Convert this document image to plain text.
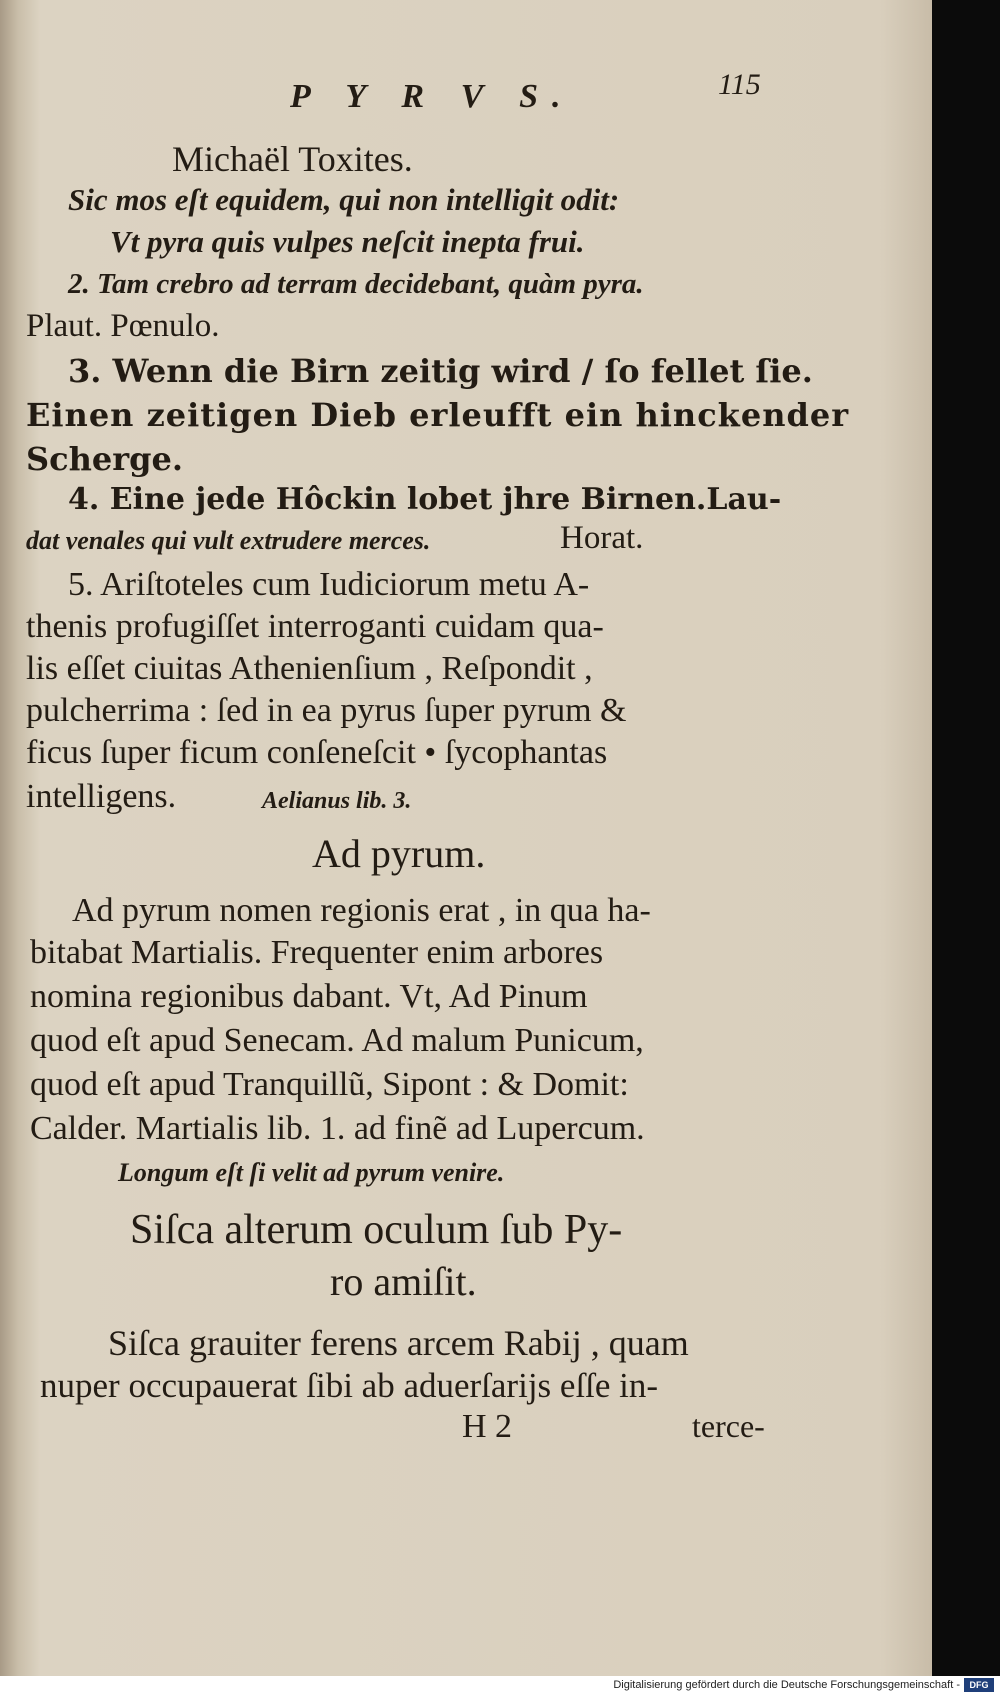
P Y R V S.	115
Michaël Toxites.
Sic mos eſt equidem, qui non intelligit odit:
Vt pyra quis vulpes neſcit inepta frui.
2. Tam crebro ad terram decidebant, quàm pyra.
Plaut. Pœnulo.
3. Wenn die Birn zeitig wird / ſo fellet ſie.
Einen zeitigen Dieb erleufft ein hinckender
Scherge.
4. Eine jede Hôckin lobet jhre Birnen.Lau-
dat venales qui vult extrudere merces.	Horat.
5. Ariſtoteles cum Iudiciorum metu A-
thenis profugiſſet interroganti cuidam qua-
lis eſſet ciuitas Athenienſium , Reſpondit ,
pulcherrima : ſed in ea pyrus ſuper pyrum &
ficus ſuper ficum conſeneſcit • ſycophantas
intelligens.	Aelianus lib. 3.
Ad pyrum.
Ad pyrum nomen regionis erat , in qua ha-
bitabat Martialis. Frequenter enim arbores
nomina regionibus dabant. Vt, Ad Pinum
quod eſt apud Senecam. Ad malum Punicum,
quod eſt apud Tranquillũ, Sipont : & Domit:
Calder. Martialis lib. 1. ad finẽ ad Lupercum.
Longum eſt ſi velit ad pyrum venire.
Siſca alterum oculum ſub Py-
ro amiſit.
Siſca grauiter ferens arcem Rabij , quam
nuper occupauerat ſibi ab aduerſarijs eſſe in-
H 2	terce-
Digitalisierung gefördert durch die Deutsche Forschungsgemeinschaft -	DFG
